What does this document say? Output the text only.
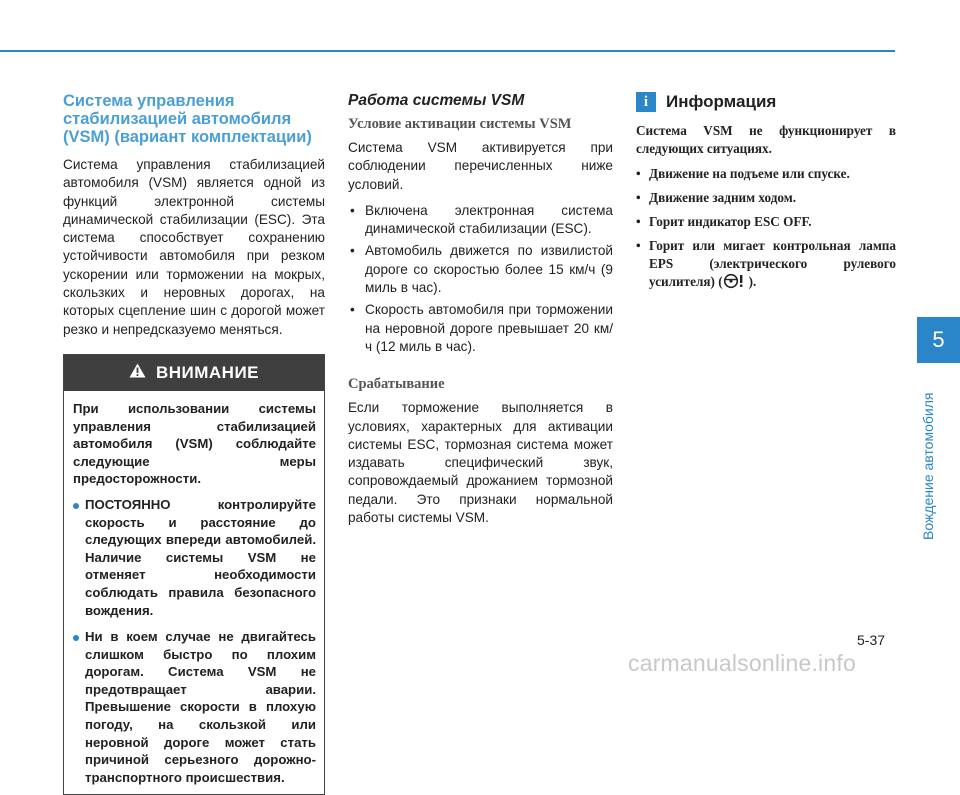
Система управления стабилизацией автомобиля (VSM) (вариант комплектации)

Система управления стабилизацией автомобиля (VSM) является одной из функций электронной системы динамической стабилизации (ESC). Эта система способствует сохранению устойчивости автомобиля при резком ускорении или торможении на мокрых, скользких и неровных дорогах, на которых сцепление шин с дорогой может резко и непредсказуемо меняться.

ВНИМАНИЕ

При использовании системы управления стабилизацией автомобиля (VSM) соблюдайте следующие меры предосторожности.

ПОСТОЯННО контролируйте скорость и расстояние до следующих впереди автомобилей. Наличие системы VSM не отменяет необходимости соблюдать правила безопасного вождения.
Ни в коем случае не двигайтесь слишком быстро по плохим дорогам. Система VSM не предотвращает аварии. Превышение скорости в плохую погоду, на скользкой или неровной дороге может стать причиной серьезного дорожно-транспортного происшествия.
Работа системы VSM
Условие активации системы VSM

Система VSM активируется при соблюдении перечисленных ниже условий.

• Включена электронная система динамической стабилизации (ESC).
• Автомобиль движется по извилистой дороге со скоростью более 15 км/ч (9 миль в час).
• Скорость автомобиля при торможении на неровной дороге превышает 20 км/ч (12 миль в час).
Срабатывание

Если торможение выполняется в условиях, характерных для активации системы ESC, тормозная система может издавать специфический звук, сопровождаемый дрожанием тормозной педали. Это признаки нормальной работы системы VSM.

i	Информация

Система VSM не функционирует в следующих ситуациях.

• Движение на подъеме или спуске.
• Движение задним ходом.
• Горит индикатор ESC OFF.
• Горит или мигает контрольная лампа EPS (электрического рулевого усилителя) ( ).
5
Вождение автомобиля
5-37
carmanualsonline.info
